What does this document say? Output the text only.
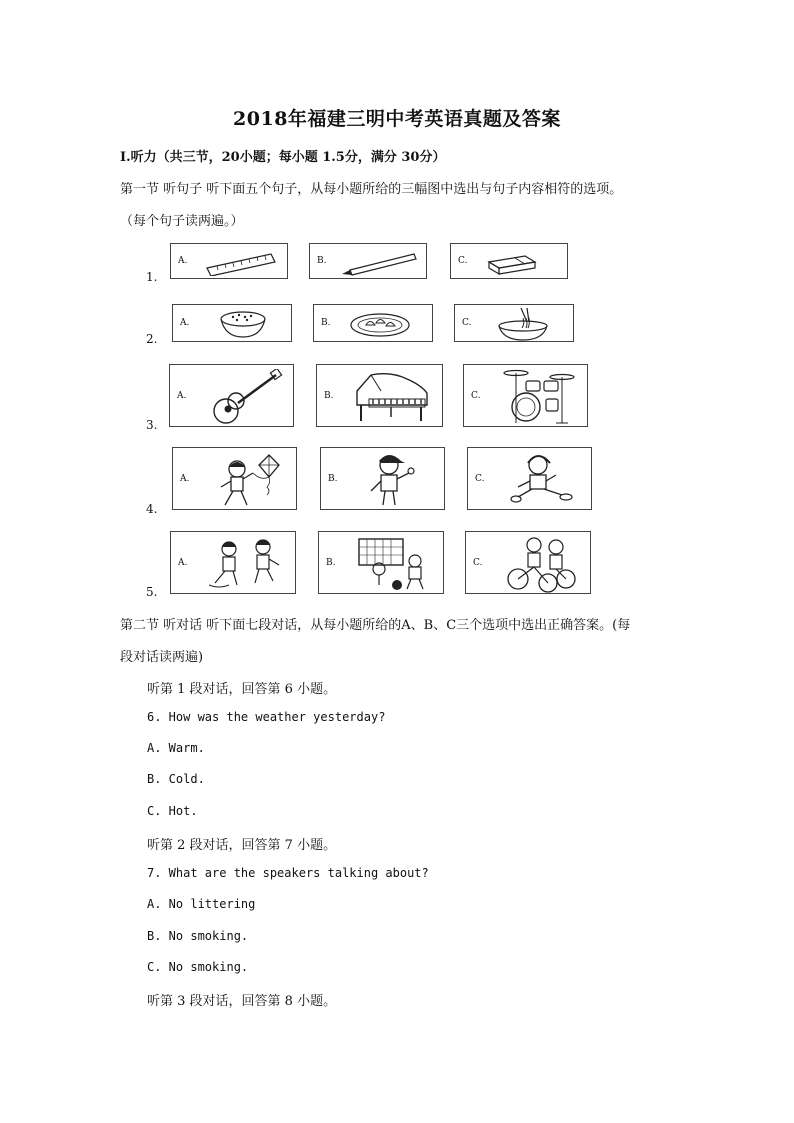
2018年福建三明中考英语真题及答案
Ⅰ.听力（共三节，20小题；每小题 1.5分，满分 30分）
第一节 听句子 听下面五个句子，从每小题所给的三幅图中选出与句子内容相符的选项。
（每个句子读两遍。）
1.
A.	B.	C.
2.
A.	B.	C.
3.
A.	B.	C.
4.
A.	B.	C.
5.
A.	B.	C.
第二节 听对话 听下面七段对话，从每小题所给的A、B、C三个选项中选出正确答案。(每
段对话读两遍)
听第 1 段对话，回答第 6 小题。
6. How was the weather yesterday?
A. Warm.
B. Cold.
C. Hot.
听第 2 段对话，回答第 7 小题。
7. What are the speakers talking about?
A. No littering
B. No smoking.
C. No smoking.
听第 3 段对话，回答第 8 小题。
